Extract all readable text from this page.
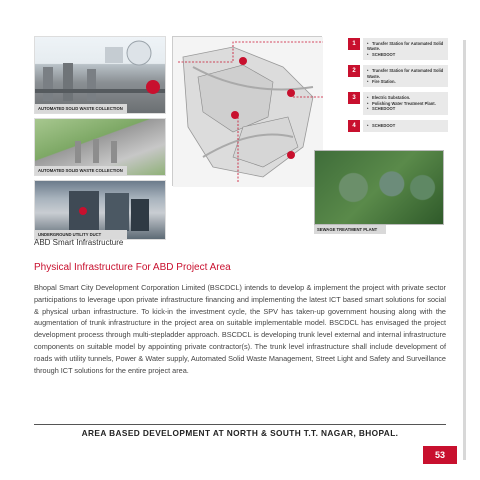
AUTOMATED SOLID WASTE COLLECTION
AUTOMATED SOLID WASTE COLLECTION
UNDERGROUND UTILITY DUCT
1	• Transfer Station for Automated Solid Waste.
• SCHEDOOT
2	• Transfer Station for Automated Solid Waste.
• Fire Station.
3	• Electric Substation.
• Polishing Water Treatment Plant.
• SCHEDOOT
4	• SCHEDOOT
SEWAGE TREATMENT PLANT
ABD Smart Infrastructure
Physical Infrastructure For ABD Project Area

Bhopal Smart City Development Corporation Limited (BSCDCL) intends to develop & implement the project with private sector participations to leverage upon private infrastructure financing and implementing the latest ICT based smart solutions for social & physical urban infrastructure. To kick-in the investment cycle, the SPV has taken-up government housing along with the augmentation of trunk infrastructure in the project area on suitable implementable model. BSCDCL has envisaged the project development process through multi-stepladder approach. BSCDCL is developing trunk level external and internal infrastructure components on suitable model by appointing private contractor(s). The trunk level infrastructure shall include development of roads with utility tunnels, Power & Water supply, Automated Solid Waste Management, Street Light and Safety and Surveillance through ICT solutions for the entire project area.

AREA BASED DEVELOPMENT AT NORTH & SOUTH T.T. NAGAR, BHOPAL.
53
